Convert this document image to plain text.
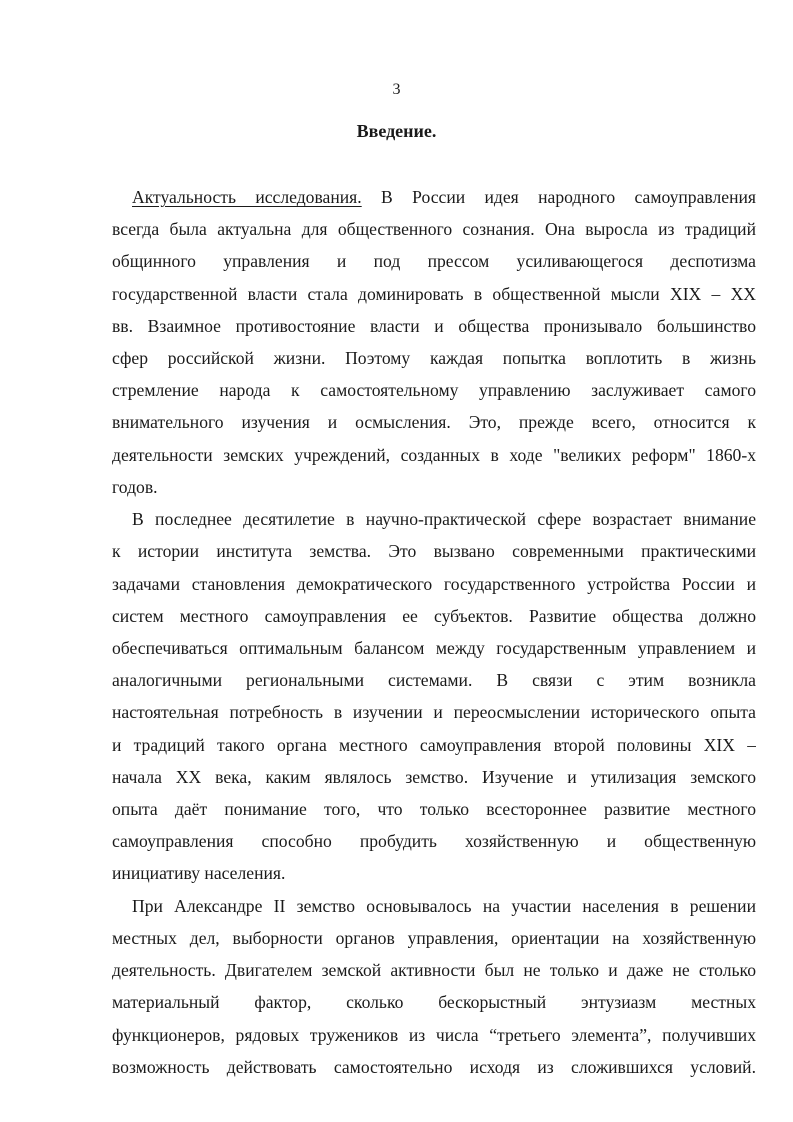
3
Введение.
Актуальность исследования. В России идея народного самоуправления
всегда была актуальна для общественного сознания. Она выросла из традиций
общинного управления и под прессом усиливающегося деспотизма
государственной власти стала доминировать в общественной мысли XIX – XX
вв. Взаимное противостояние власти и общества пронизывало большинство
сфер российской жизни. Поэтому каждая попытка воплотить в жизнь
стремление народа к самостоятельному управлению заслуживает самого
внимательного изучения и осмысления. Это, прежде всего, относится к
деятельности земских учреждений, созданных в ходе "великих реформ" 1860-х
годов.
В последнее десятилетие в научно-практической сфере возрастает внимание
к истории института земства. Это вызвано современными практическими
задачами становления демократического государственного устройства России и
систем местного самоуправления ее субъектов. Развитие общества должно
обеспечиваться оптимальным балансом между государственным управлением и
аналогичными региональными системами. В связи с этим возникла
настоятельная потребность в изучении и переосмыслении исторического опыта
и традиций такого органа местного самоуправления второй половины XIX –
начала XX века, каким являлось земство. Изучение и утилизация земского
опыта даёт понимание того, что только всестороннее развитие местного
самоуправления способно пробудить хозяйственную и общественную
инициативу населения.
При Александре II земство основывалось на участии населения в решении
местных дел, выборности органов управления, ориентации на хозяйственную
деятельность. Двигателем земской активности был не только и даже не столько
материальный фактор, сколько бескорыстный энтузиазм местных
функционеров, рядовых тружеников из числа “третьего элемента”, получивших
возможность действовать самостоятельно исходя из сложившихся условий.
